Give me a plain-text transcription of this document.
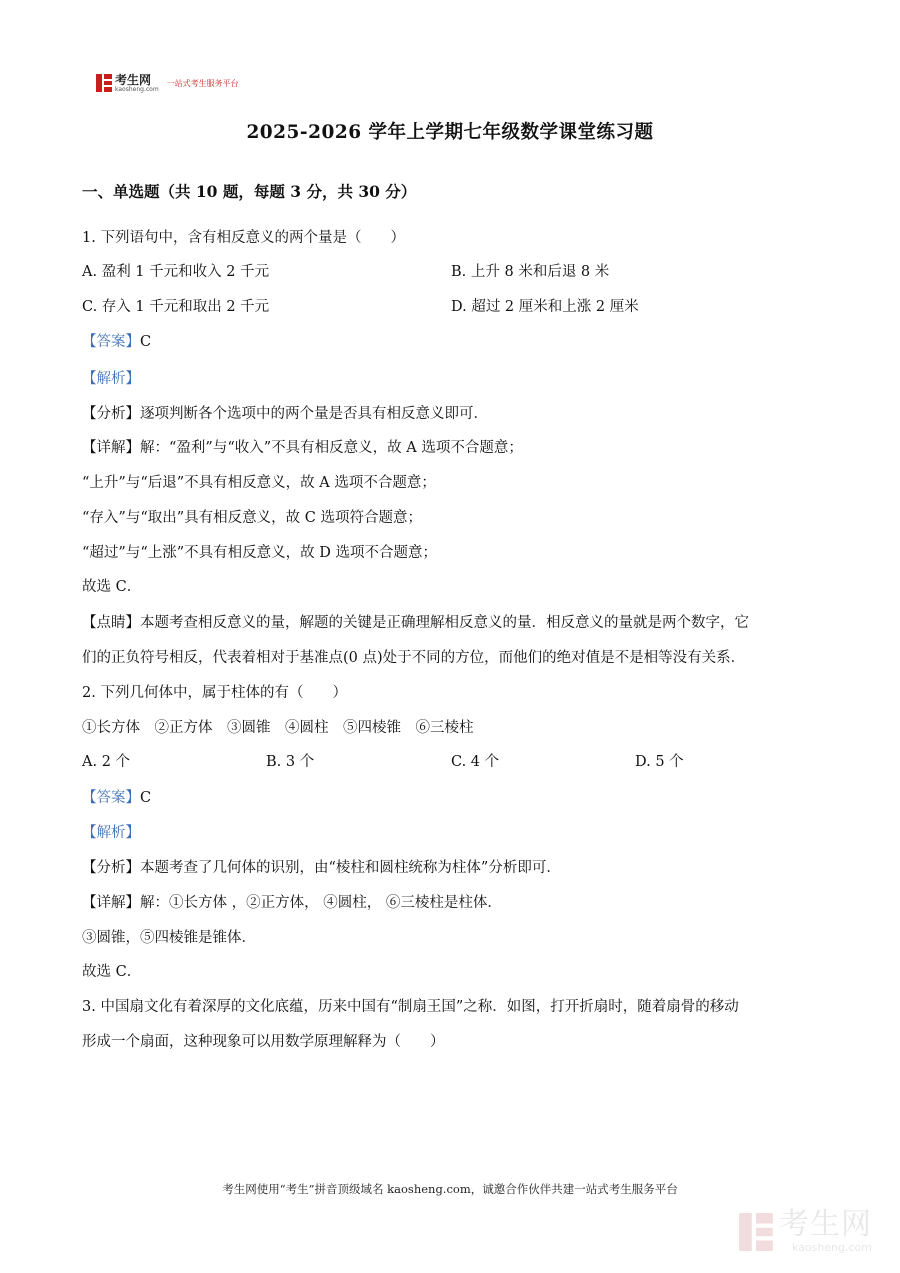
考生网
kaosheng.com
一站式考生服务平台
2025-2026 学年上学期七年级数学课堂练习题
一、单选题（共 10 题，每题 3 分，共 30 分）
1. 下列语句中，含有相反意义的两个量是（　　）
A. 盈利 1 千元和收入 2 千元	B. 上升 8 米和后退 8 米
C. 存入 1 千元和取出 2 千元	D. 超过 2 厘米和上涨 2 厘米
【答案】C
【解析】
【分析】逐项判断各个选项中的两个量是否具有相反意义即可．
【详解】解：“盈利”与“收入”不具有相反意义，故 A 选项不合题意；
“上升”与“后退”不具有相反意义，故 A 选项不合题意；
“存入”与“取出”具有相反意义，故 C 选项符合题意；
“超过”与“上涨”不具有相反意义，故 D 选项不合题意；
故选 C．
【点睛】本题考查相反意义的量，解题的关键是正确理解相反意义的量．相反意义的量就是两个数字，它
们的正负符号相反，代表着相对于基准点(0 点)处于不同的方位，而他们的绝对值是不是相等没有关系．
2. 下列几何体中，属于柱体的有（　　）
①长方体　②正方体　③圆锥　④圆柱　⑤四棱锥　⑥三棱柱
A. 2 个	B. 3 个	C. 4 个	D. 5 个
【答案】C
【解析】
【分析】本题考查了几何体的识别，由“棱柱和圆柱统称为柱体”分析即可．
【详解】解：①长方体 ，②正方体， ④圆柱， ⑥三棱柱是柱体．
③圆锥，⑤四棱锥是锥体．
故选 C．
3. 中国扇文化有着深厚的文化底蕴，历来中国有“制扇王国”之称．如图，打开折扇时，随着扇骨的移动
形成一个扇面，这种现象可以用数学原理解释为（　　）
考生网使用“考生”拼音顶级域名 kaosheng.com，诚邀合作伙伴共建一站式考生服务平台
考生网
kaosheng.com
